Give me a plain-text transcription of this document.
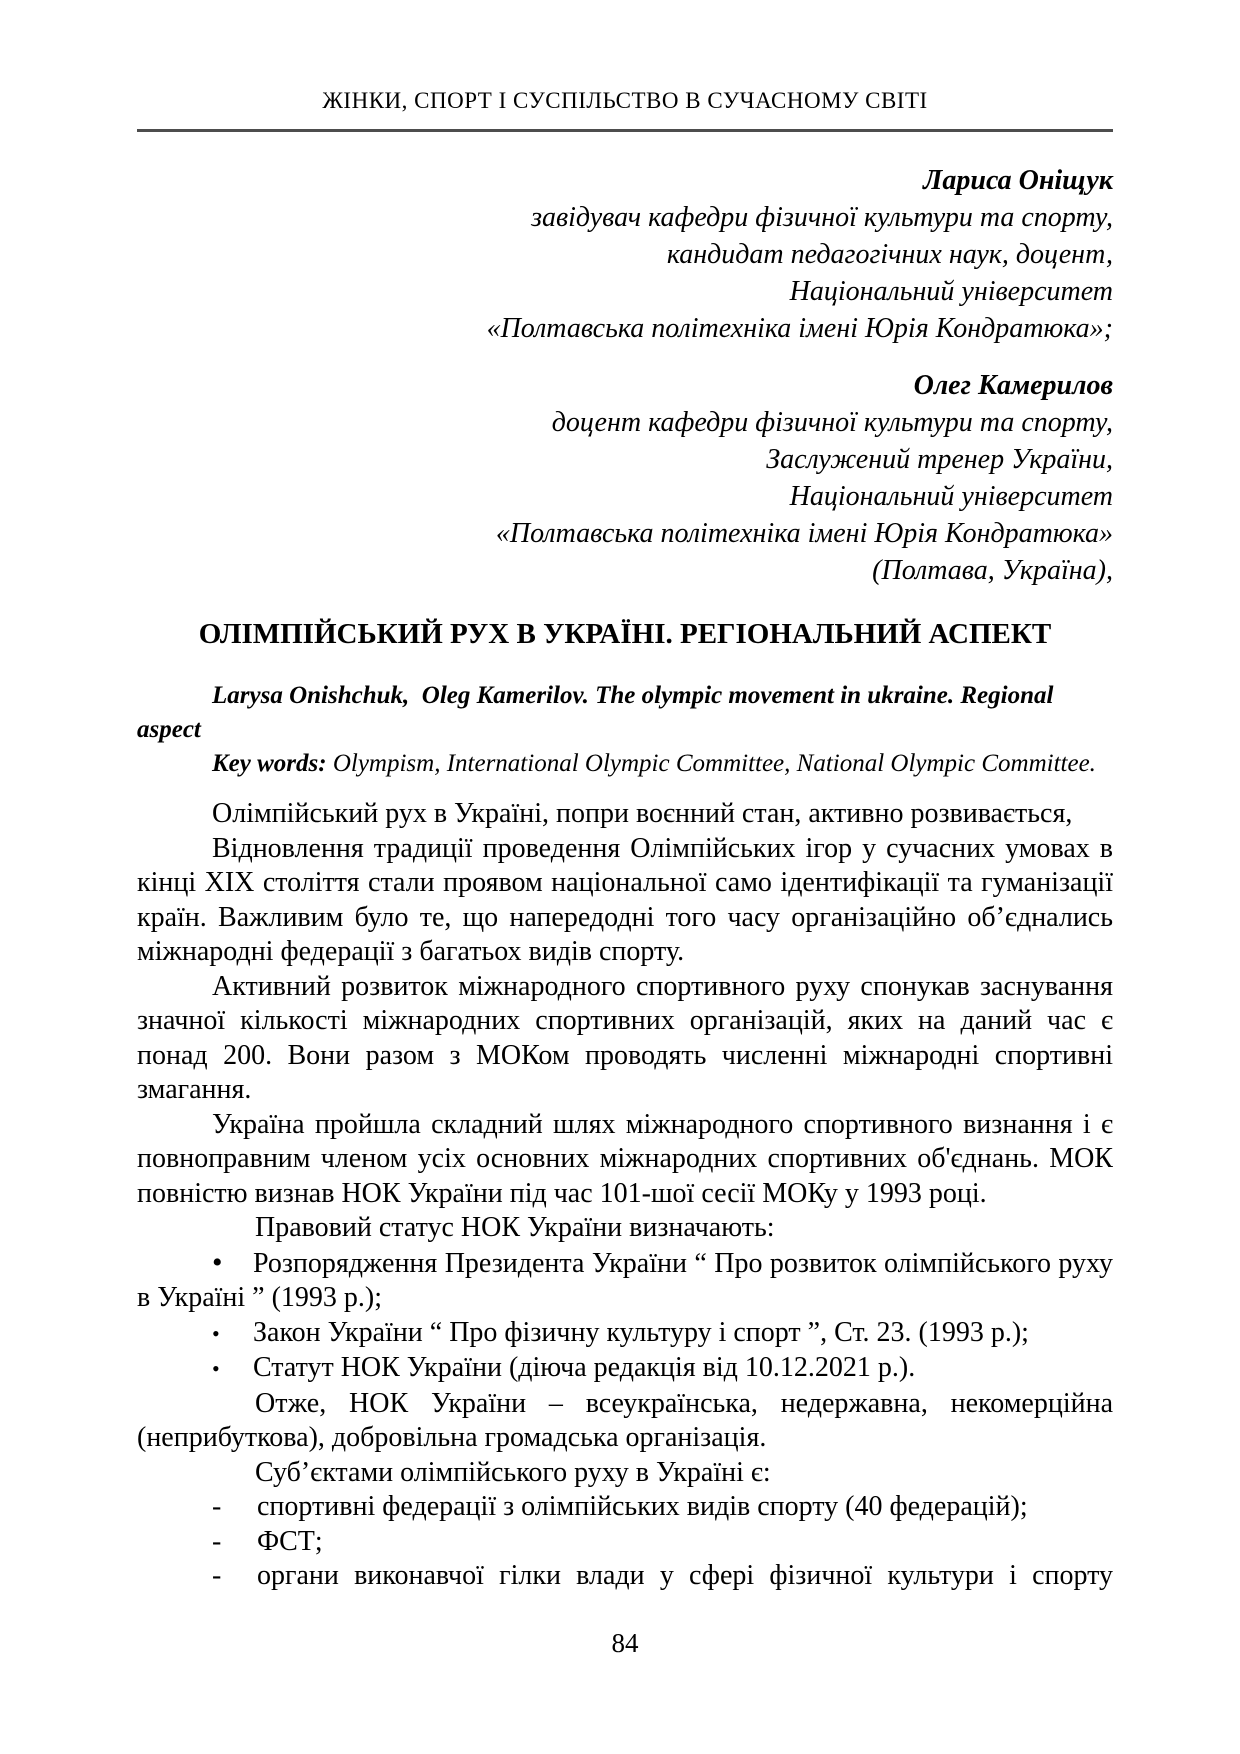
ЖІНКИ, СПОРТ І СУСПІЛЬСТВО В СУЧАСНОМУ СВІТІ
Лариса Оніщук
завідувач кафедри фізичної культури та спорту,
кандидат педагогічних наук, доцент,
Національний університет
«Полтавська політехніка імені Юрія Кондратюка»;
Олег Камерилов
доцент кафедри фізичної культури та спорту,
Заслужений тренер України,
Національний університет
«Полтавська політехніка імені Юрія Кондратюка»
(Полтава, Україна),
ОЛІМПІЙСЬКИЙ РУХ В УКРАЇНІ. РЕГІОНАЛЬНИЙ АСПЕКТ
Larysa Onishchuk,  Oleg Kamerilov. The olympic movement in ukraine. Regional aspect
Key words: Olympism, International Olympic Committee, National Olympic Committee.

Олімпійський рух в Україні, попри воєнний стан, активно розвивається,

Відновлення традиції проведення Олімпійських ігор у сучасних умовах в кінці XIX століття стали проявом національної само ідентифікації та гуманізації країн. Важливим було те, що напередодні того часу організаційно об’єднались міжнародні федерації з багатьох видів спорту.

Активний розвиток міжнародного спортивного руху спонукав заснування значної кількості міжнародних спортивних організацій, яких на даний час є понад 200. Вони разом з МОКом проводять численні міжнародні спортивні змагання.

Україна пройшла складний шлях міжнародного спортивного визнання і є повноправним членом усіх основних міжнародних спортивних об'єднань. МОК повністю визнав НОК України під час 101-шої сесії МОКу у 1993 році.

Правовий статус НОК України визначають:

• Розпорядження Президента України “ Про розвиток олімпійського руху в Україні ” (1993 р.);

• Закон України “ Про фізичну культуру і спорт ”, Ст. 23. (1993 р.);

• Статут НОК України (діюча редакція від 10.12.2021 р.).

Отже, НОК України – всеукраїнська, недержавна, некомерційна (неприбуткова), добровільна громадська організація.

Суб’єктами олімпійського руху в Україні є:

- спортивні федерації з олімпійських видів спорту (40 федерацій);

- ФСТ;

- органи виконавчої гілки влади у сфері фізичної культури і спорту

84
